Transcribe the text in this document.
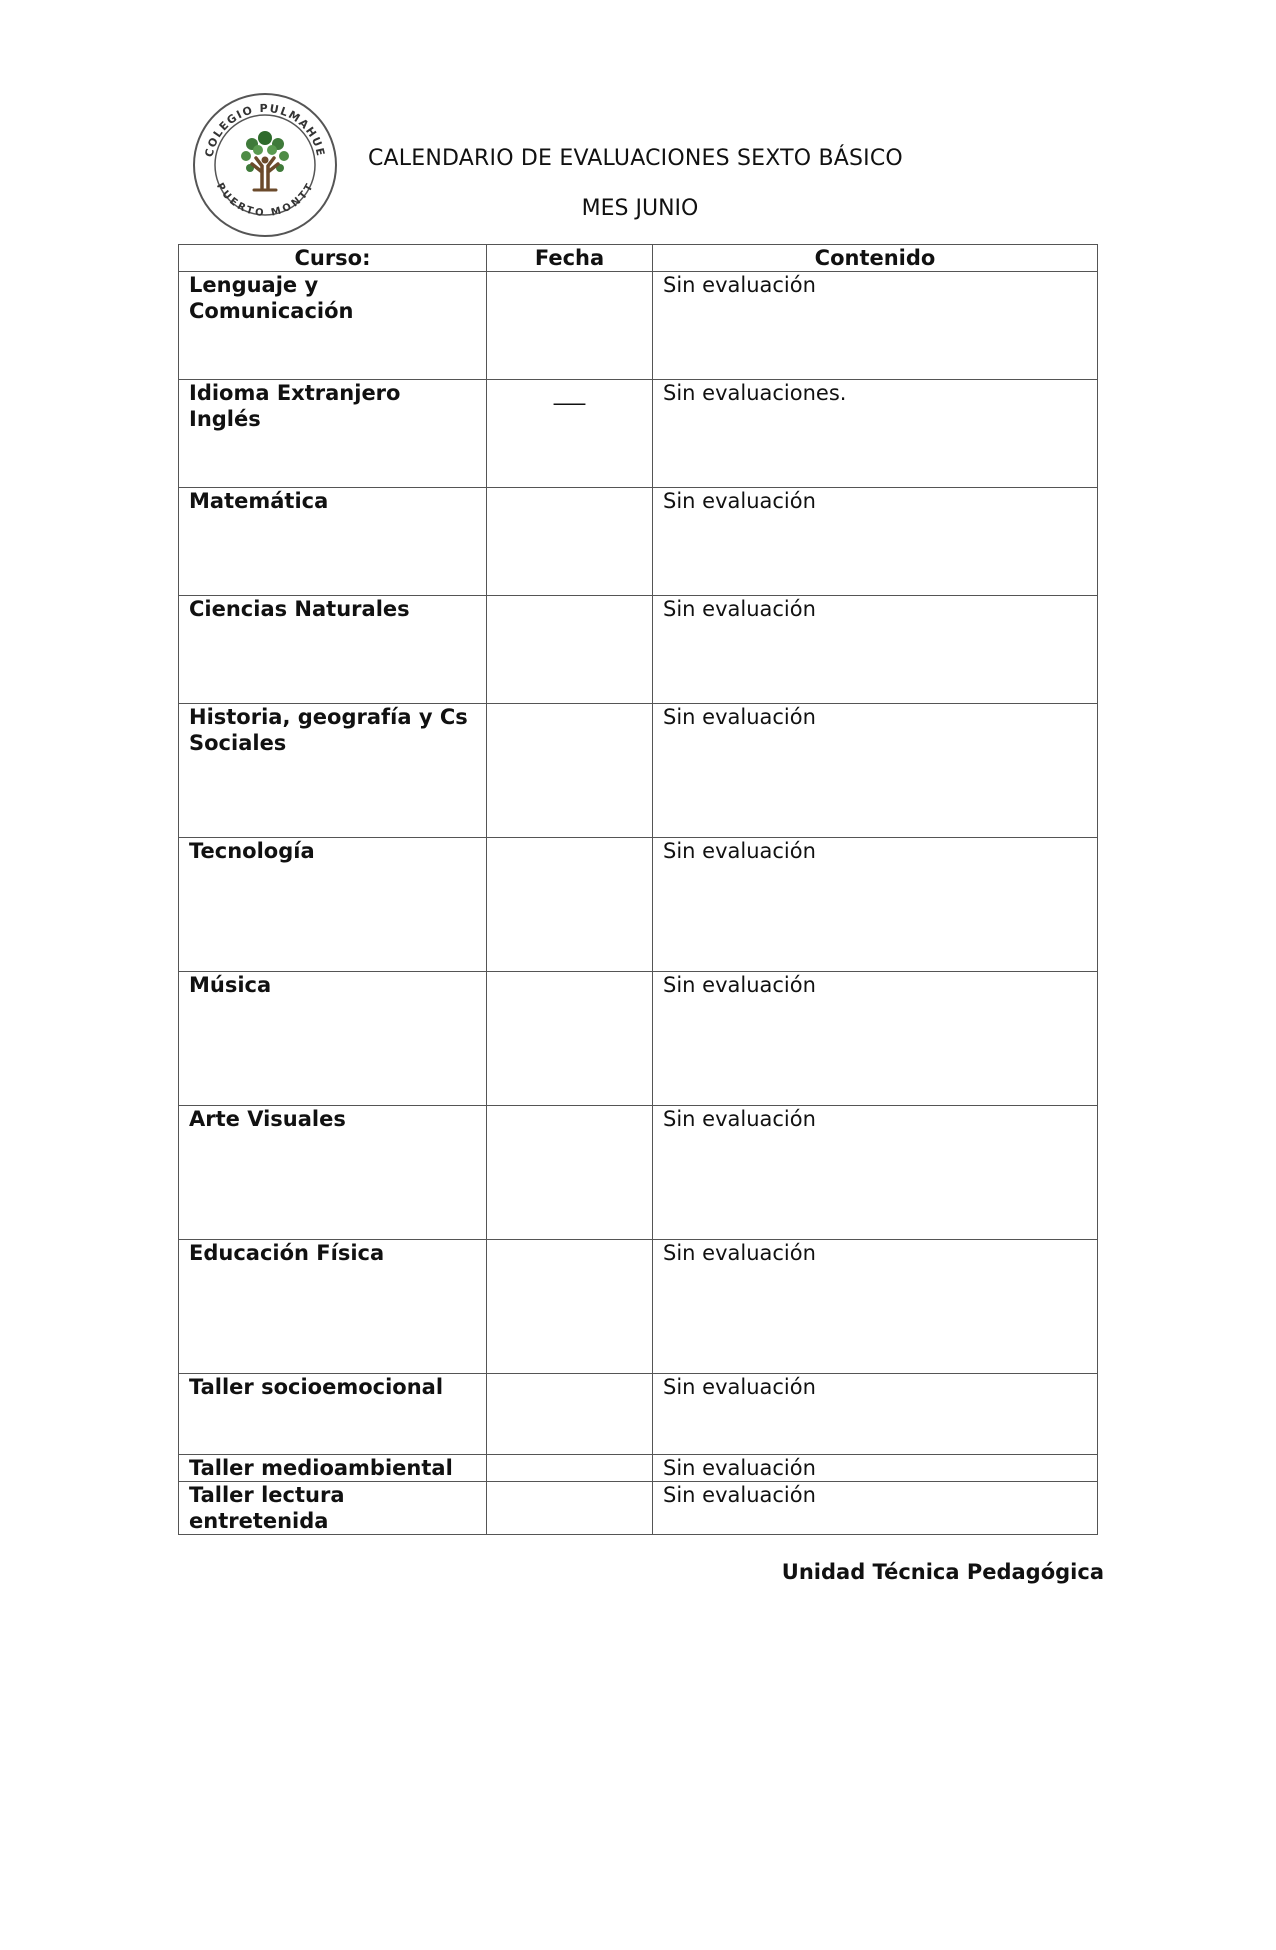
COLEGIO PULMAHUE
PUERTO MONTT
CALENDARIO DE EVALUACIONES SEXTO BÁSICO
MES JUNIO
Curso:	Fecha	Contenido
Lenguaje y Comunicación		Sin evaluación
Idioma Extranjero Inglés	___	Sin evaluaciones.
Matemática		Sin evaluación
Ciencias Naturales		Sin evaluación
Historia, geografía y Cs Sociales		Sin evaluación
Tecnología		Sin evaluación
Música		Sin evaluación
Arte Visuales		Sin evaluación
Educación Física		Sin evaluación
Taller socioemocional		Sin evaluación
Taller medioambiental		Sin evaluación
Taller lectura entretenida		Sin evaluación
Unidad Técnica Pedagógica
